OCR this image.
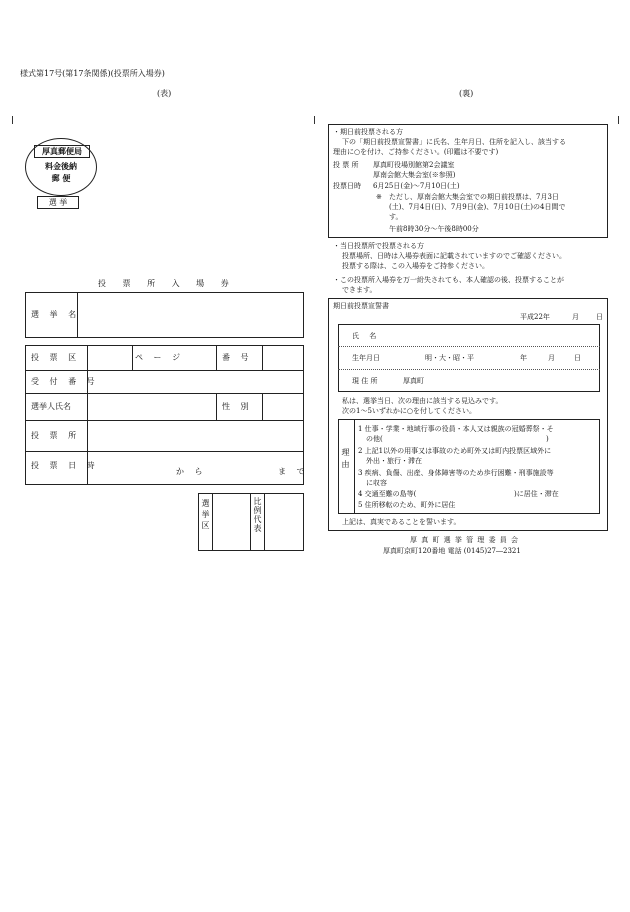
様式第17号(第17条関係)(投票所入場券)
(表)	(裏)
厚真郵便局
料金後納
郵 便
選 挙
投 票 所 入 場 券
選 挙 名
投 票 区	ペ ー ジ	番 号
受 付 番 号
選挙人氏名	性 別
投 票 所
投 票 日 時
か ら	ま で
選挙区	比例代表
・期日前投票される方
下の「期日前投票宣誓書」に氏名、生年月日、住所を記入し、該当する
理由に○を付け、ご持参ください。(印鑑は不要です)
投 票 所 厚真町役場別館第2会議室
厚南会館大集会室(※参照)
投票日時 6月25日(金)〜7月10日(土)
※ ただし、厚南会館大集会室での期日前投票は、7月3日
(土)、7月4日(日)、7月9日(金)、7月10日(土)の4日間で
す。
午前8時30分〜午後8時00分
・当日投票所で投票される方
投票場所、日時は入場券表面に記載されていますのでご確認ください。
投票する際は、この入場券をご持参ください。
・この投票所入場券を万一紛失されても、本人確認の後、投票することが
できます。
期日前投票宣誓書
平成22年	月 日
氏 名
生年月日	明・大・昭・平	年	月	日
現 住 所	厚真町
私は、選挙当日、次の理由に該当する見込みです。
次の1〜5いずれかに○を付してください。
理由
1 仕事・学業・地域行事の役員・本人又は親族の冠婚葬祭・そ
の他(	)
2 上記1以外の用事又は事故のため町外又は町内投票区域外に
外出・旅行・滞在
3 疾病、負傷、出産、身体障害等のため歩行困難・刑事施設等
に収容
4 交通至難の島等(	)に居住・滞在
5 住所移転のため、町外に居住
上記は、真実であることを誓います。
厚 真 町 選 挙 管 理 委 員 会
厚真町京町120番地 電話 (0145)27―2321
